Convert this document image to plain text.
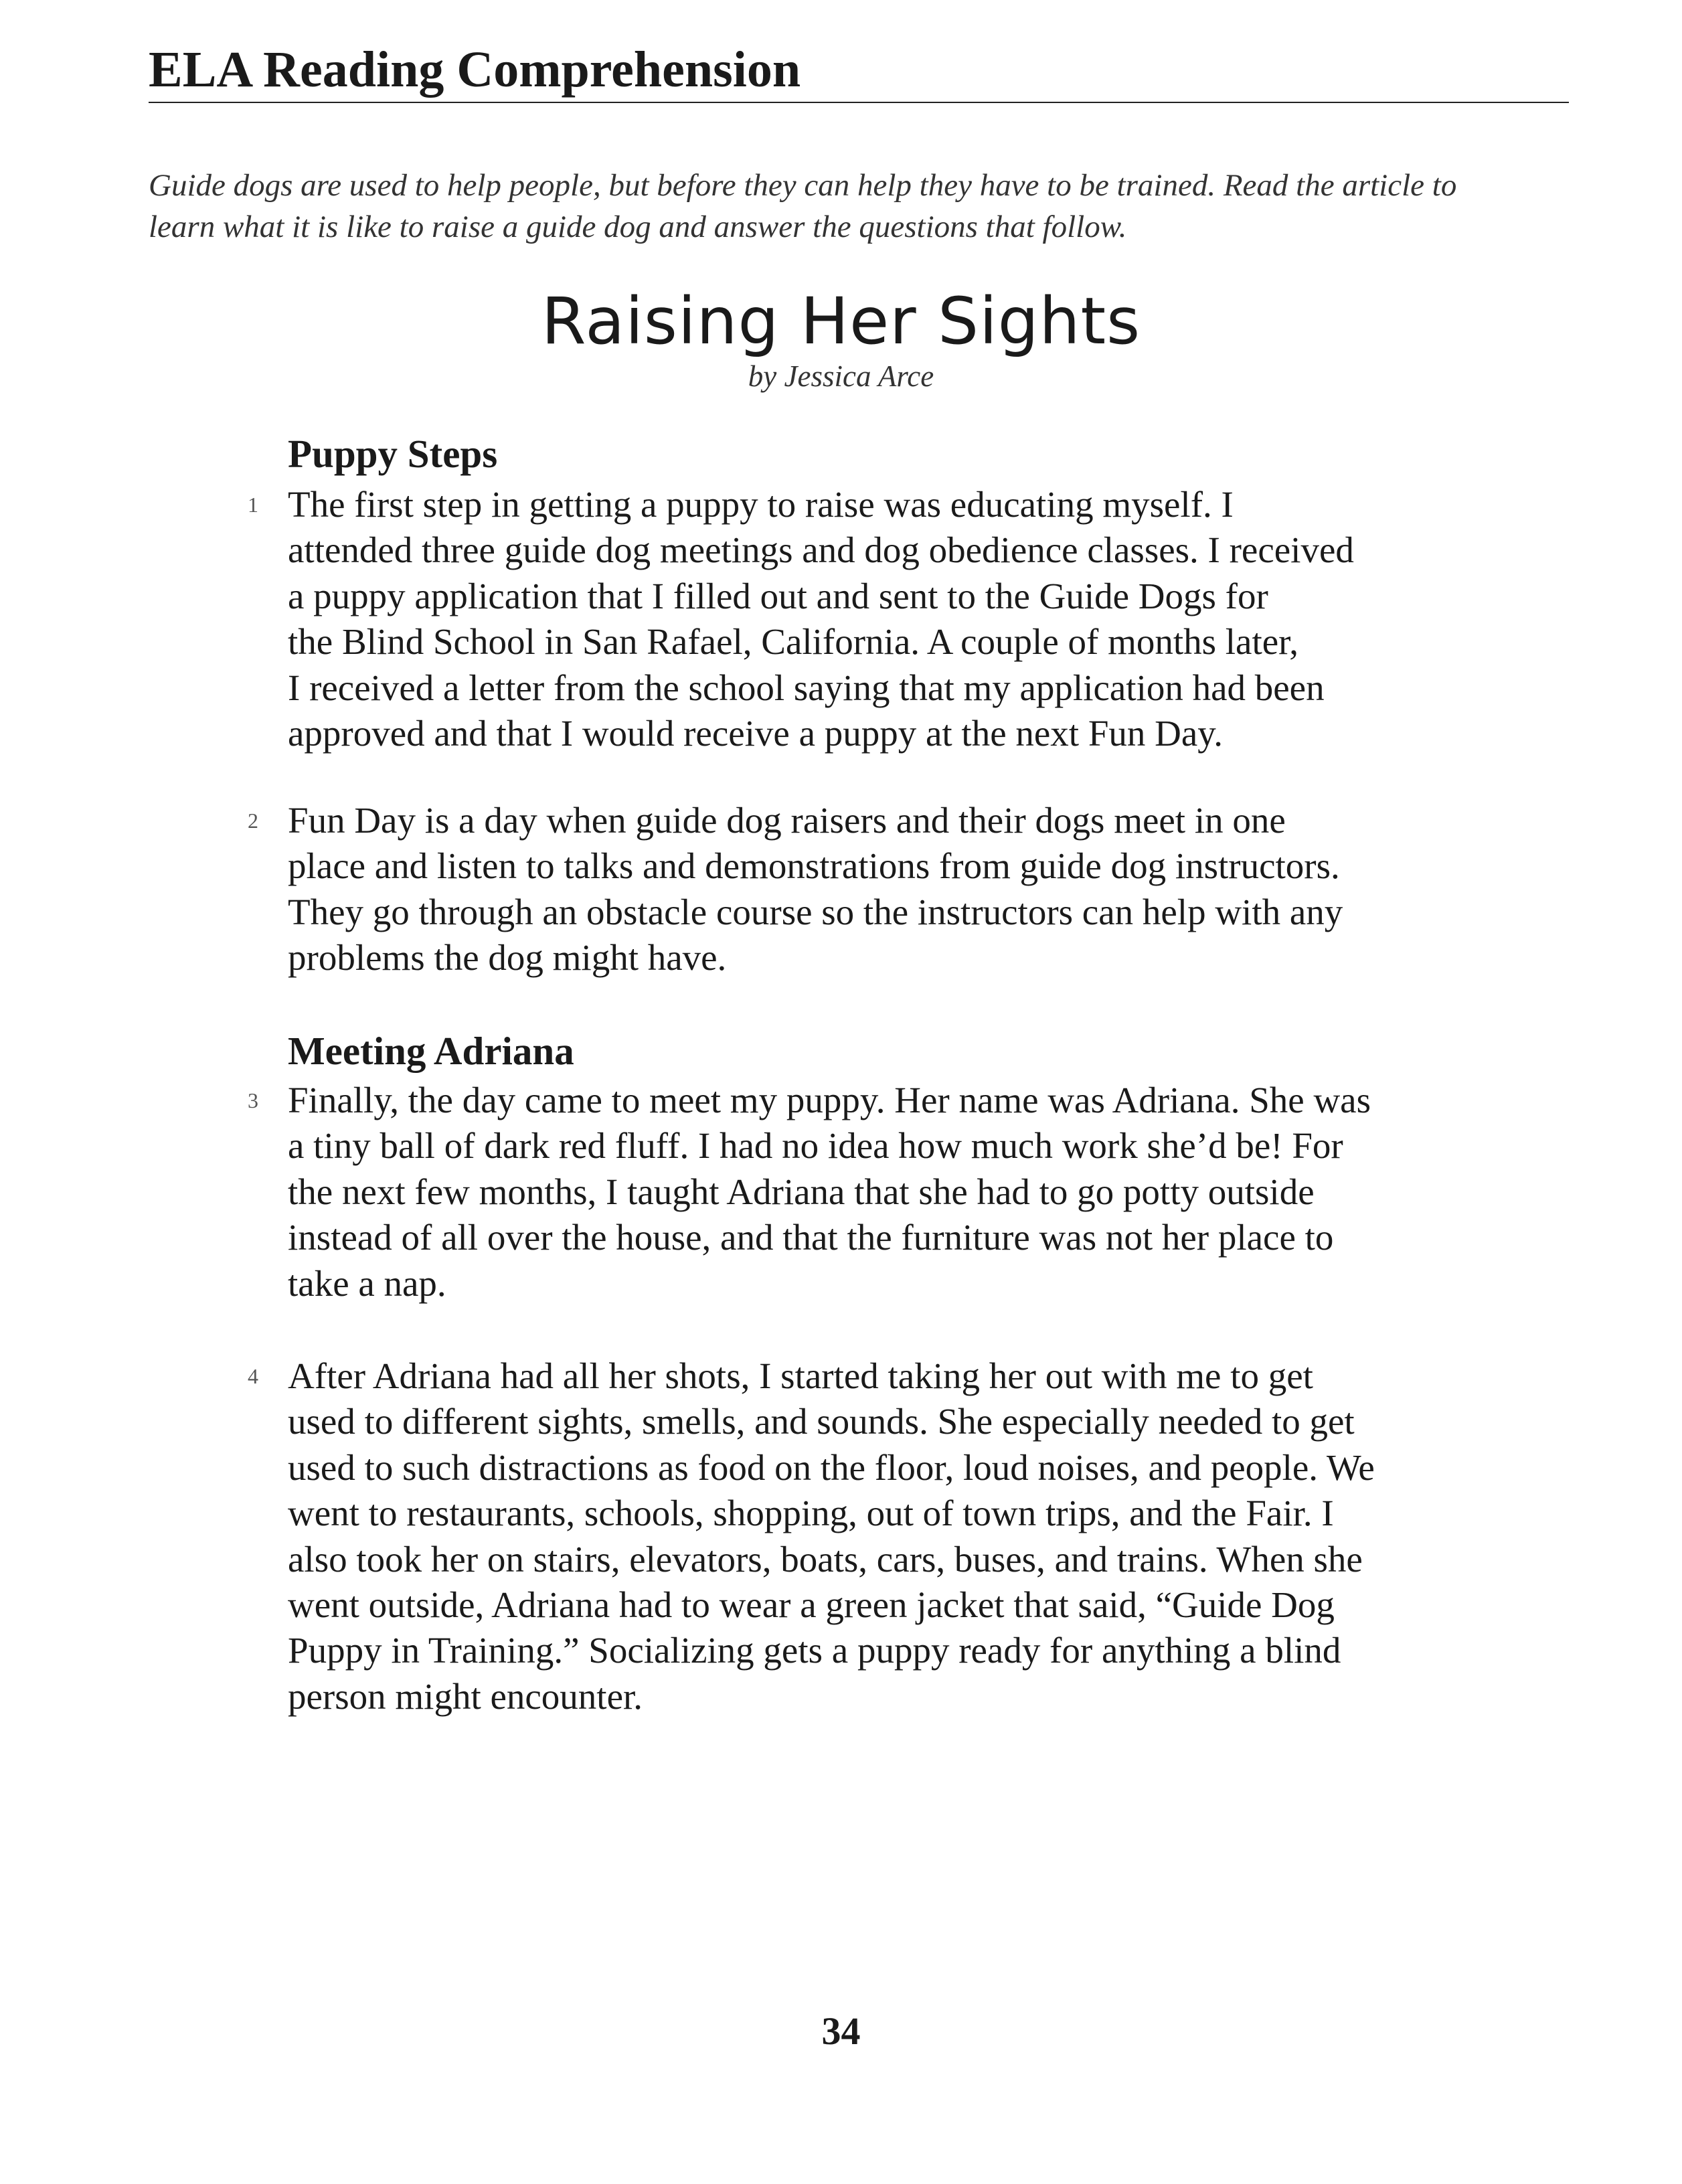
ELA Reading Comprehension

Guide dogs are used to help people, but before they can help they have to be trained. Read the article to
learn what it is like to raise a guide dog and answer the questions that follow.

Raising Her Sights
by Jessica Arce
Puppy Steps
1 The first step in getting a puppy to raise was educating myself. I
attended three guide dog meetings and dog obedience classes. I received
a puppy application that I filled out and sent to the Guide Dogs for
the Blind School in San Rafael, California. A couple of months later,
I received a letter from the school saying that my application had been
approved and that I would receive a puppy at the next Fun Day.

2 Fun Day is a day when guide dog raisers and their dogs meet in one
place and listen to talks and demonstrations from guide dog instructors.
They go through an obstacle course so the instructors can help with any
problems the dog might have.

Meeting Adriana
3 Finally, the day came to meet my puppy. Her name was Adriana. She was
a tiny ball of dark red fluff. I had no idea how much work she’d be! For
the next few months, I taught Adriana that she had to go potty outside
instead of all over the house, and that the furniture was not her place to
take a nap.

4 After Adriana had all her shots, I started taking her out with me to get
used to different sights, smells, and sounds. She especially needed to get
used to such distractions as food on the floor, loud noises, and people. We
went to restaurants, schools, shopping, out of town trips, and the Fair. I
also took her on stairs, elevators, boats, cars, buses, and trains. When she
went outside, Adriana had to wear a green jacket that said, “Guide Dog
Puppy in Training.” Socializing gets a puppy ready for anything a blind
person might encounter.

34
